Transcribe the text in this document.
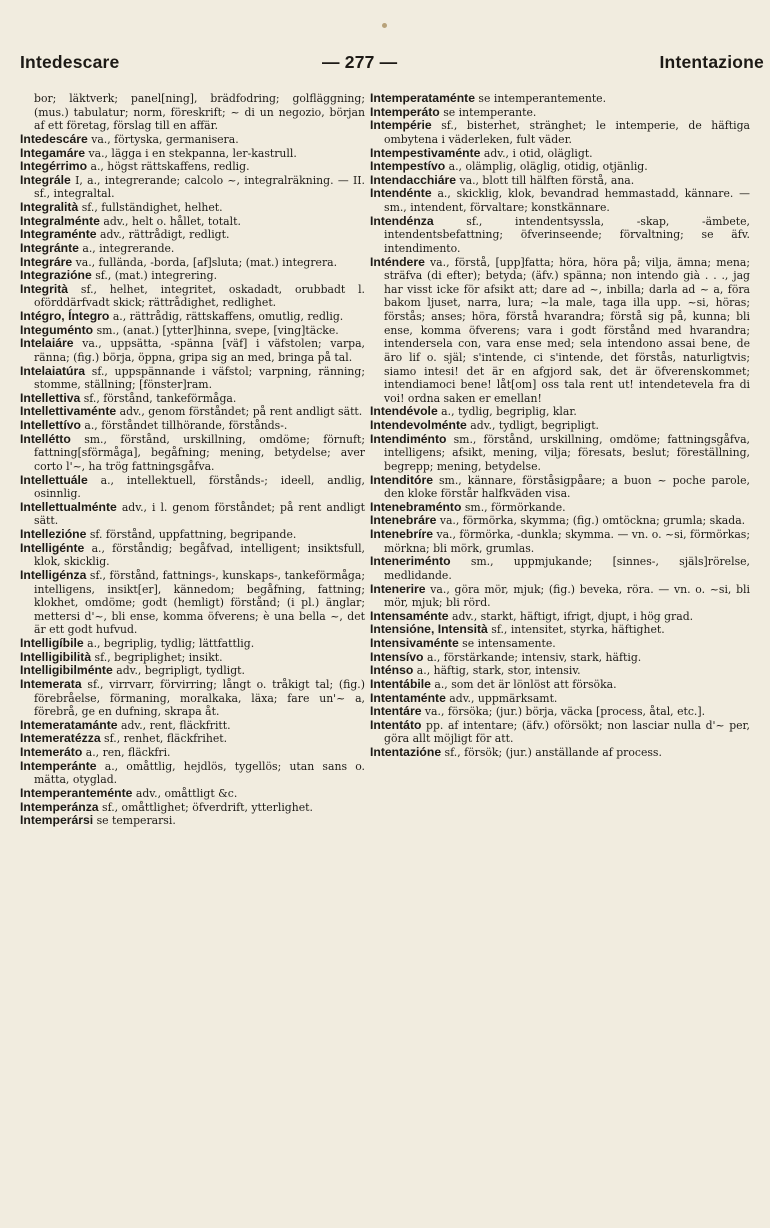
Intedescare	— 277 —	Intentazione

bor; läktverk; panel[ning], brädfodring; golfläggning; (mus.) tabulatur; norm, föreskrift; ~ di un negozio, början af ett företag, förslag till en affär.

Intedescáre va., förtyska, germanisera.

Integamáre va., lägga i en stekpanna, ler-kastrull.

Integérrimo a., högst rättskaffens, redlig.

Integrále I, a., integrerande; calcolo ~, integralräkning. — II. sf., integraltal.

Integralità sf., fullständighet, helhet.

Integralménte adv., helt o. hållet, totalt.

Integraménte adv., rättrådigt, redligt.

Integránte a., integrerande.

Integráre va., fullända, -borda, [af]sluta; (mat.) integrera.

Integrazióne sf., (mat.) integrering.

Integrità sf., helhet, integritet, oskadadt, orubbadt l. oförddärfvadt skick; rättrådighet, redlighet.

Intégro, Íntegro a., rättrådig, rättskaffens, omutlig, redlig.

Integuménto sm., (anat.) [ytter]hinna, svepe, [ving]täcke.

Intelaiáre va., uppsätta, -spänna [väf] i väfstolen; varpa, ränna; (fig.) börja, öppna, gripa sig an med, bringa på tal.

Intelaiatúra sf., uppspännande i väfstol; varpning, ränning; stomme, ställning; [fönster]ram.

Intellettiva sf., förstånd, tankeförmåga.

Intellettivaménte adv., genom förståndet; på rent andligt sätt.

Intellettívo a., förståndet tillhörande, förstånds-.

Intellétto sm., förstånd, urskillning, omdöme; förnuft; fattning[sförmåga], begåfning; mening, betydelse; aver corto l'~, ha trög fattningsgåfva.

Intellettuále a., intellektuell, förstånds-; ideell, andlig, osinnlig.

Intellettualménte adv., i l. genom förståndet; på rent andligt sätt.

Intellezióne sf. förstånd, uppfattning, begripande.

Intelligénte a., förståndig; begåfvad, intelligent; insiktsfull, klok, skicklig.

Intelligénza sf., förstånd, fattnings-, kunskaps-, tankeförmåga; intelligens, insikt[er], kännedom; begåfning, fattning; klokhet, omdöme; godt (hemligt) förstånd; (i pl.) änglar; mettersi d'~, bli ense, komma öfverens; è una bella ~, det är ett godt hufvud.

Intelligíbile a., begriplig, tydlig; lättfattlig.

Intelligibilità sf., begriplighet; insikt.

Intelligibilménte adv., begripligt, tydligt.

Intemerata sf., virrvarr, förvirring; långt o. tråkigt tal; (fig.) förebråelse, förmaning, moralkaka, läxa; fare un'~ a, förebrå, ge en dufning, skrapa åt.

Intemeratamánte adv., rent, fläckfritt.

Intemeratézza sf., renhet, fläckfrihet.

Intemeráto a., ren, fläckfri.

Intemperánte a., omåttlig, hejdlös, tygellös; utan sans o. mätta, otyglad.

Intemperanteménte adv., omåttligt &c.

Intemperánza sf., omåttlighet; öfverdrift, ytterlighet.

Intemperársi se temperarsi.

Intemperataménte se intemperantemente.

Intemperáto se intemperante.

Intempérie sf., bisterhet, stränghet; le intemperie, de häftiga ombytena i väderleken, fult väder.

Intempestivaménte adv., i otid, olägligt.

Intempestívo a., olämplig, oläglig, otidig, otjänlig.

Intendacchiáre va., blott till hälften förstå, ana.

Intendénte a., skicklig, klok, bevandrad hemmastadd, kännare. — sm., intendent, förvaltare; konstkännare.

Intendénza sf., intendentsyssla, -skap, -ämbete, intendentsbefattning; öfverinseende; förvaltning; se äfv. intendimento.

Inténdere va., förstå, [upp]fatta; höra, höra på; vilja, ämna; mena; sträfva (di efter); betyda; (äfv.) spänna; non intendo già . . ., jag har visst icke för afsikt att; dare ad ~, inbilla; darla ad ~ a, föra bakom ljuset, narra, lura; ~la male, taga illa upp. ~si, höras; förstås; anses; höra, förstå hvarandra; förstå sig på, kunna; bli ense, komma öfverens; vara i godt förstånd med hvarandra; intendersela con, vara ense med; sela intendono assai bene, de äro lif o. själ; s'intende, ci s'intende, det förstås, naturligtvis; siamo intesi! det är en afgjord sak, det är öfverenskommet; intendiamoci bene! låt[om] oss tala rent ut! intendetevela fra di voi! ordna saken er emellan!

Intendévole a., tydlig, begriplig, klar.

Intendevolménte adv., tydligt, begripligt.

Intendiménto sm., förstånd, urskillning, omdöme; fattningsgåfva, intelligens; afsikt, mening, vilja; föresats, beslut; föreställning, begrepp; mening, betydelse.

Intenditóre sm., kännare, förståsigpåare; a buon ~ poche parole, den kloke förstår halfkväden visa.

Intenebraménto sm., förmörkande.

Intenebráre va., förmörka, skymma; (fig.) omtöckna; grumla; skada.

Intenebríre va., förmörka, -dunkla; skymma. — vn. o. ~si, förmörkas; mörkna; bli mörk, grumlas.

Inteneriménto sm., uppmjukande; [sinnes-, själs]rörelse, medlidande.

Intenerire va., göra mör, mjuk; (fig.) beveka, röra. — vn. o. ~si, bli mör, mjuk; bli rörd.

Intensaménte adv., starkt, häftigt, ifrigt, djupt, i hög grad.

Intensióne, Intensità sf., intensitet, styrka, häftighet.

Intensivaménte se intensamente.

Intensívo a., förstärkande; intensiv, stark, häftig.

Inténso a., häftig, stark, stor, intensiv.

Intentábile a., som det är lönlöst att försöka.

Intentaménte adv., uppmärksamt.

Intentáre va., försöka; (jur.) börja, väcka [process, åtal, etc.].

Intentáto pp. af intentare; (äfv.) oförsökt; non lasciar nulla d'~ per, göra allt möjligt för att.

Intentazióne sf., försök; (jur.) anställande af process.
